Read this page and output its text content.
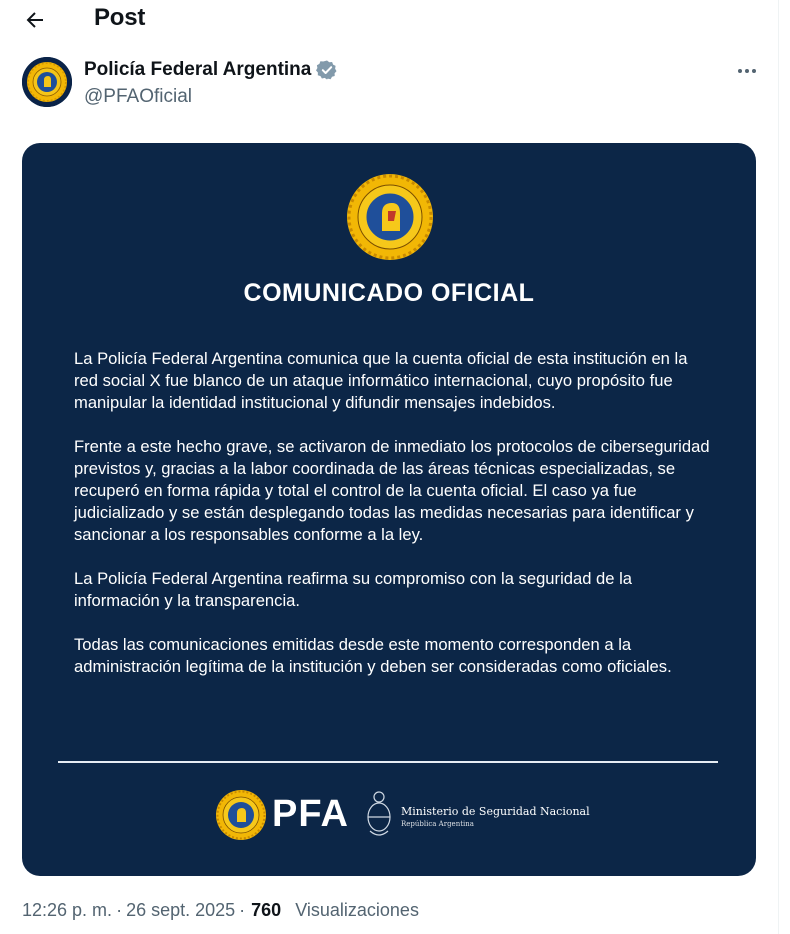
Post
Policía Federal Argentina
@PFAOficial
COMUNICADO OFICIAL

La Policía Federal Argentina comunica que la cuenta oficial de esta institución en la red social X fue blanco de un ataque informático internacional, cuyo propósito fue manipular la identidad institucional y difundir mensajes indebidos.

Frente a este hecho grave, se activaron de inmediato los protocolos de ciberseguridad previstos y, gracias a la labor coordinada de las áreas técnicas especializadas, se recuperó en forma rápida y total el control de la cuenta oficial. El caso ya fue judicializado y se están desplegando todas las medidas necesarias para identificar y sancionar a los responsables conforme a la ley.

La Policía Federal Argentina reafirma su compromiso con la seguridad de la información y la transparencia.

Todas las comunicaciones emitidas desde este momento corresponden a la administración legítima de la institución y deben ser consideradas como oficiales.

PFA	Ministerio de Seguridad Nacional
República Argentina
12:26 p. m. · 26 sept. 2025 · 760 Visualizaciones
